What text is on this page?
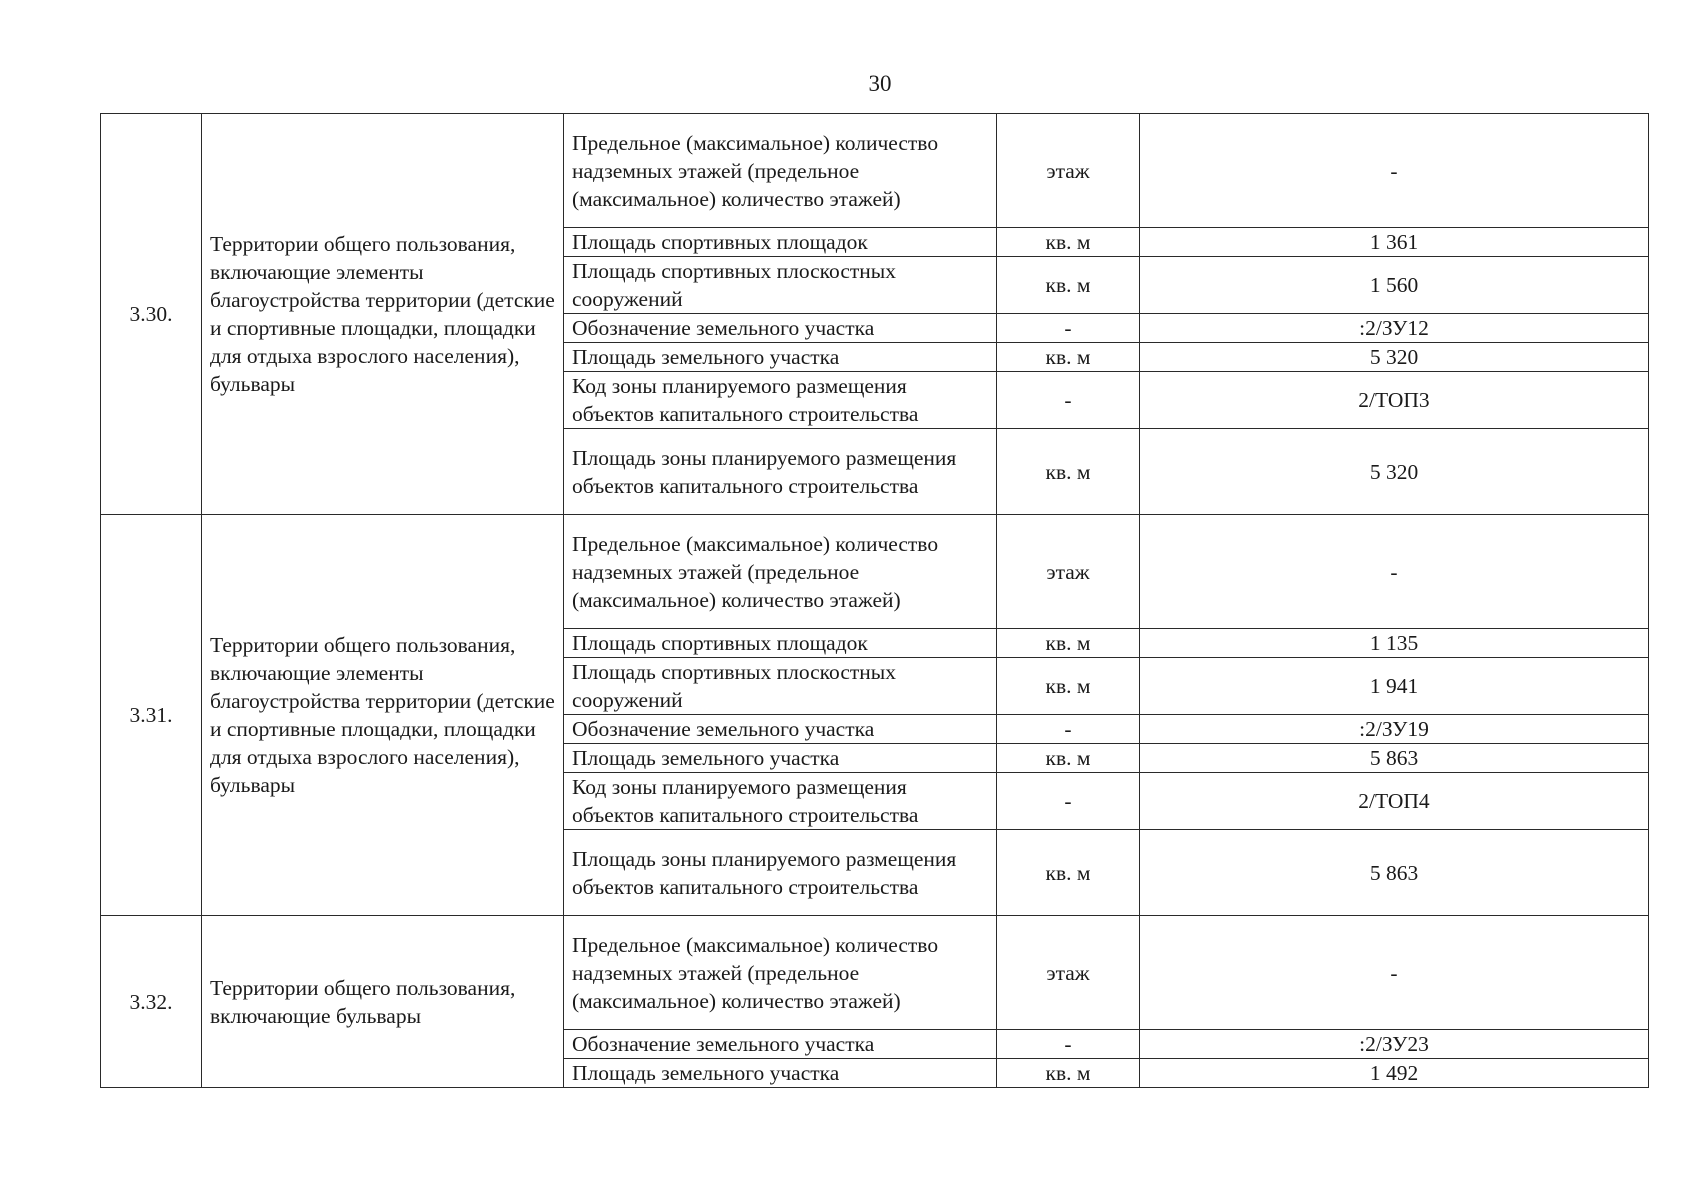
30
3.30.	Территории общего пользования, включающие элементы благоустройства территории (детские и спортивные площадки, площадки для отдыха взрослого населения), бульвары	Предельное (максимальное) количество надземных этажей (предельное (максимальное) количество этажей)	этаж	-
		Площадь спортивных площадок	кв. м	1 361
		Площадь спортивных плоскостных сооружений	кв. м	1 560
		Обозначение земельного участка	-	:2/ЗУ12
		Площадь земельного участка	кв. м	5 320
		Код зоны планируемого размещения объектов капитального строительства	-	2/ТОП3
		Площадь зоны планируемого размещения объектов капитального строительства	кв. м	5 320
3.31.	Территории общего пользования, включающие элементы благоустройства территории (детские и спортивные площадки, площадки для отдыха взрослого населения), бульвары	Предельное (максимальное) количество надземных этажей (предельное (максимальное) количество этажей)	этаж	-
		Площадь спортивных площадок	кв. м	1 135
		Площадь спортивных плоскостных сооружений	кв. м	1 941
		Обозначение земельного участка	-	:2/ЗУ19
		Площадь земельного участка	кв. м	5 863
		Код зоны планируемого размещения объектов капитального строительства	-	2/ТОП4
		Площадь зоны планируемого размещения объектов капитального строительства	кв. м	5 863
3.32.	Территории общего пользования, включающие бульвары	Предельное (максимальное) количество надземных этажей (предельное (максимальное) количество этажей)	этаж	-
		Обозначение земельного участка	-	:2/ЗУ23
		Площадь земельного участка	кв. м	1 492
